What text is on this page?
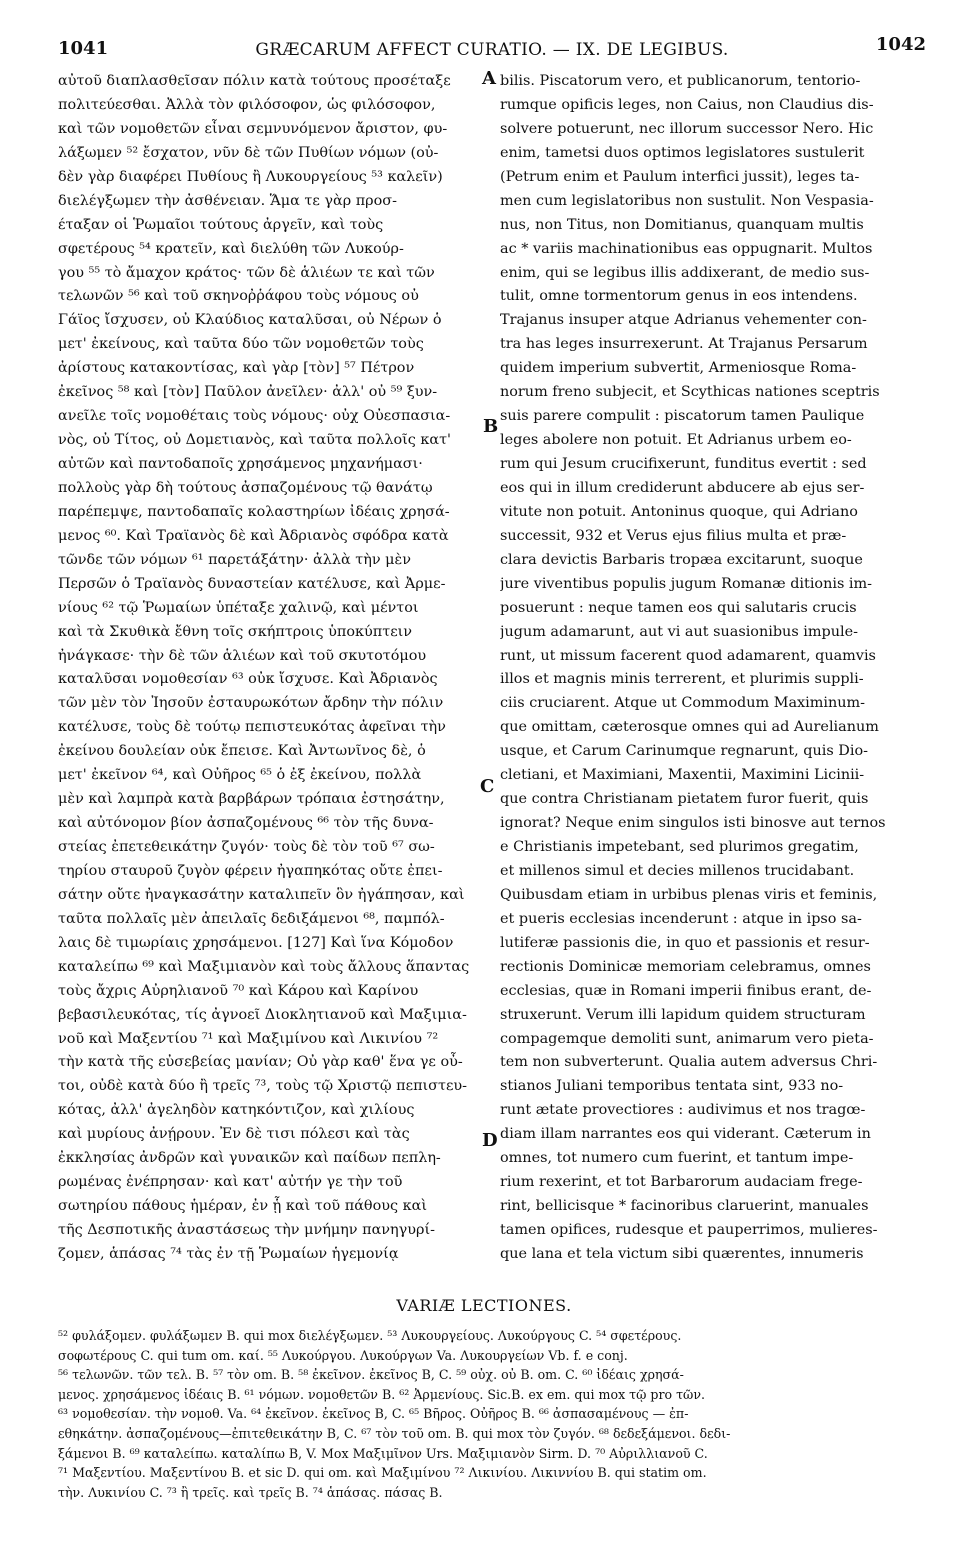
1041	GRÆCARUM AFFECT CURATIO. — IX. DE LEGIBUS.	1042
αὐτοῦ διαπλασθεῖσαν πόλιν κατὰ τούτους προσέταξε
πολιτεύεσθαι. Ἀλλὰ τὸν φιλόσοφον, ὡς φιλόσοφον,
καὶ τῶν νομοθετῶν εἶναι σεμνυνόμενον ἄριστον, φυ-
λάξωμεν ⁵² ἔσχατον, νῦν δὲ τῶν Πυθίων νόμων (οὐ-
δὲν γὰρ διαφέρει Πυθίους ἢ Λυκουργείους ⁵³ καλεῖν)
διελέγξωμεν τὴν ἀσθένειαν. Ἅμα τε γὰρ προσ-
έταξαν οἱ Ῥωμαῖοι τούτους ἀργεῖν, καὶ τοὺς
σφετέρους ⁵⁴ κρατεῖν, καὶ διελύθη τῶν Λυκούρ-
γου ⁵⁵ τὸ ἄμαχον κράτος· τῶν δὲ ἁλιέων τε καὶ τῶν
τελωνῶν ⁵⁶ καὶ τοῦ σκηνοῤῥάφου τοὺς νόμους οὐ
Γάϊος ἴσχυσεν, οὐ Κλαύδιος καταλῦσαι, οὐ Νέρων ὁ
μετ' ἐκείνους, καὶ ταῦτα δύο τῶν νομοθετῶν τοὺς
ἀρίστους κατακοντίσας, καὶ γὰρ [τὸν] ⁵⁷ Πέτρον
ἐκεῖνος ⁵⁸ καὶ [τὸν] Παῦλον ἀνεῖλεν· ἀλλ' οὐ ⁵⁹ ξυν-
ανεῖλε τοῖς νομοθέταις τοὺς νόμους· οὐχ Οὐεσπασια-
νὸς, οὐ Τίτος, οὐ Δομετιανὸς, καὶ ταῦτα πολλοῖς κατ'
αὐτῶν καὶ παντοδαποῖς χρησάμενος μηχανήμασι·
πολλοὺς γὰρ δὴ τούτους ἀσπαζομένους τῷ θανάτῳ
παρέπεμψε, παντοδαπαῖς κολαστηρίων ἰδέαις χρησά-
μενος ⁶⁰. Καὶ Τραϊανὸς δὲ καὶ Ἀδριανὸς σφόδρα κατὰ
τῶνδε τῶν νόμων ⁶¹ παρετάξάτην· ἀλλὰ τὴν μὲν
Περσῶν ὁ Τραϊανὸς δυναστείαν κατέλυσε, καὶ Ἀρμε-
νίους ⁶² τῷ Ῥωμαίων ὑπέταξε χαλινῷ, καὶ μέντοι
καὶ τὰ Σκυθικὰ ἔθνη τοῖς σκήπτροις ὑποκύπτειν
ἠνάγκασε· τὴν δὲ τῶν ἁλιέων καὶ τοῦ σκυτοτόμου
καταλῦσαι νομοθεσίαν ⁶³ οὐκ ἴσχυσε. Καὶ Ἀδριανὸς
τῶν μὲν τὸν Ἰησοῦν ἐσταυρωκότων ἄρδην τὴν πόλιν
κατέλυσε, τοὺς δὲ τούτῳ πεπιστευκότας ἀφεῖναι τὴν
ἐκείνου δουλείαν οὐκ ἔπεισε. Καὶ Ἀντωνῖνος δὲ, ὁ
μετ' ἐκεῖνον ⁶⁴, καὶ Οὐῆρος ⁶⁵ ὁ ἐξ ἐκείνου, πολλὰ
μὲν καὶ λαμπρὰ κατὰ βαρβάρων τρόπαια ἐστησάτην,
καὶ αὐτόνομον βίον ἀσπαζομένους ⁶⁶ τὸν τῆς δυνα-
στείας ἐπετεθεικάτην ζυγόν· τοὺς δὲ τὸν τοῦ ⁶⁷ σω-
τηρίου σταυροῦ ζυγὸν φέρειν ἠγαπηκότας οὔτε ἐπει-
σάτην οὔτε ἠναγκασάτην καταλιπεῖν ὃν ἠγάπησαν, καὶ
ταῦτα πολλαῖς μὲν ἀπειλαῖς δεδιξάμενοι ⁶⁸, παμπόλ-
λαις δὲ τιμωρίαις χρησάμενοι. [127] Καὶ ἵνα Κόμοδον
καταλείπω ⁶⁹ καὶ Μαξιμιανὸν καὶ τοὺς ἄλλους ἅπαντας
τοὺς ἄχρις Αὐρηλιανοῦ ⁷⁰ καὶ Κάρου καὶ Καρίνου
βεβασιλευκότας, τίς ἀγνοεῖ Διοκλητιανοῦ καὶ Μαξιμια-
νοῦ καὶ Μαξεντίου ⁷¹ καὶ Μαξιμίνου καὶ Λικινίου ⁷²
τὴν κατὰ τῆς εὐσεβείας μανίαν; Οὐ γὰρ καθ' ἕνα γε οὖ-
τοι, οὐδὲ κατὰ δύο ἢ τρεῖς ⁷³, τοὺς τῷ Χριστῷ πεπιστευ-
κότας, ἀλλ' ἀγεληδὸν κατηκόντιζον, καὶ χιλίους
καὶ μυρίους ἀνῄρουν. Ἐν δὲ τισι πόλεσι καὶ τὰς
ἐκκλησίας ἀνδρῶν καὶ γυναικῶν καὶ παίδων πεπλη-
ρωμένας ἐνέπρησαν· καὶ κατ' αὐτήν γε τὴν τοῦ
σωτηρίου πάθους ἡμέραν, ἐν ᾗ καὶ τοῦ πάθους καὶ
τῆς Δεσποτικῆς ἀναστάσεως τὴν μνήμην πανηγυρί-
ζομεν, ἁπάσας ⁷⁴ τὰς ἐν τῇ Ῥωμαίων ἡγεμονίᾳ
bilis. Piscatorum vero, et publicanorum, tentorio-
rumque opificis leges, non Caius, non Claudius dis-
solvere potuerunt, nec illorum successor Nero. Hic
enim, tametsi duos optimos legislatores sustulerit
(Petrum enim et Paulum interfici jussit), leges ta-
men cum legislatoribus non sustulit. Non Vespasia-
nus, non Titus, non Domitianus, quanquam multis
ac * variis machinationibus eas oppugnarit. Multos
enim, qui se legibus illis addixerant, de medio sus-
tulit, omne tormentorum genus in eos intendens.
Trajanus insuper atque Adrianus vehementer con-
tra has leges insurrexerunt. At Trajanus Persarum
quidem imperium subvertit, Armeniosque Roma-
norum freno subjecit, et Scythicas nationes sceptris
suis parere compulit : piscatorum tamen Paulique
leges abolere non potuit. Et Adrianus urbem eo-
rum qui Jesum crucifixerunt, funditus evertit : sed
eos qui in illum crediderunt abducere ab ejus ser-
vitute non potuit. Antoninus quoque, qui Adriano
successit, 932 et Verus ejus filius multa et præ-
clara devictis Barbaris tropæa excitarunt, suoque
jure viventibus populis jugum Romanæ ditionis im-
posuerunt : neque tamen eos qui salutaris crucis
jugum adamarunt, aut vi aut suasionibus impule-
runt, ut missum facerent quod adamarent, quamvis
illos et magnis minis terrerent, et plurimis suppli-
ciis cruciarent. Atque ut Commodum Maximinum-
que omittam, cæterosque omnes qui ad Aurelianum
usque, et Carum Carinumque regnarunt, quis Dio-
cletiani, et Maximiani, Maxentii, Maximini Licinii-
que contra Christianam pietatem furor fuerit, quis
ignorat? Neque enim singulos isti binosve aut ternos
e Christianis impetebant, sed plurimos gregatim,
et millenos simul et decies millenos trucidabant.
Quibusdam etiam in urbibus plenas viris et feminis,
et pueris ecclesias incenderunt : atque in ipso sa-
lutiferæ passionis die, in quo et passionis et resur-
rectionis Dominicæ memoriam celebramus, omnes
ecclesias, quæ in Romani imperii finibus erant, de-
struxerunt. Verum illi lapidum quidem structuram
compagemque demoliti sunt, animarum vero pieta-
tem non subverterunt. Qualia autem adversus Chri-
stianos Juliani temporibus tentata sint, 933 no-
runt ætate provectiores : audivimus et nos tragœ-
diam illam narrantes eos qui viderant. Cæterum in
omnes, tot numero cum fuerint, et tantum impe-
rium rexerint, et tot Barbarorum audaciam frege-
rint, bellicisque * facinoribus claruerint, manuales
tamen opifices, rudesque et pauperrimos, mulieres-
que lana et tela victum sibi quærentes, innumeris
A
B
C
D
VARIÆ LECTIONES.
⁵² φυλάξομεν. φυλάξωμεν B. qui mox διελέγξωμεν. ⁵³ Λυκουργείους. Λυκούργους C. ⁵⁴ σφετέρους.
σοφωτέρους C. qui tum om. καί. ⁵⁵ Λυκούργου. Λυκούργων Va. Λυκουργείων Vb. f. e conj.
⁵⁶ τελωνῶν. τῶν τελ. B. ⁵⁷ τὸν om. B. ⁵⁸ ἐκεῖνον. ἐκεῖνος B, C. ⁵⁹ οὐχ. οὐ B. om. C. ⁶⁰ ἰδέαις χρησά-
μενος. χρησάμενος ἰδέαις B. ⁶¹ νόμων. νομοθετῶν B. ⁶² Ἀρμενίους. Sic.B. ex em. qui mox τῷ pro τῶν.
⁶³ νομοθεσίαν. τὴν νομοθ. Va. ⁶⁴ ἐκεῖνον. ἐκεῖνος B, C. ⁶⁵ Βῆρος. Οὐῆρος B. ⁶⁶ ἀσπασαμένους — ἐπ-
εθηκάτην. ἀσπαζομένους—ἐπιτεθεικάτην B, C. ⁶⁷ τὸν τοῦ om. B. qui mox τὸν ζυγόν. ⁶⁸ δεδεξάμενοι. δεδι-
ξάμενοι B. ⁶⁹ καταλείπω. καταλίπω B, V. Mox Μαξιμῖνον Urs. Μαξιμιανὸν Sirm. D. ⁷⁰ Αὐριλλιανοῦ C.
⁷¹ Μαξεντίου. Μαξεντίνου B. et sic D. qui om. καὶ Μαξιμίνου ⁷² Λικινίου. Λικιννίου B. qui statim om.
τὴν. Λυκινίου C. ⁷³ ἢ τρεῖς. καὶ τρεῖς B. ⁷⁴ ἁπάσας. πάσας B.
